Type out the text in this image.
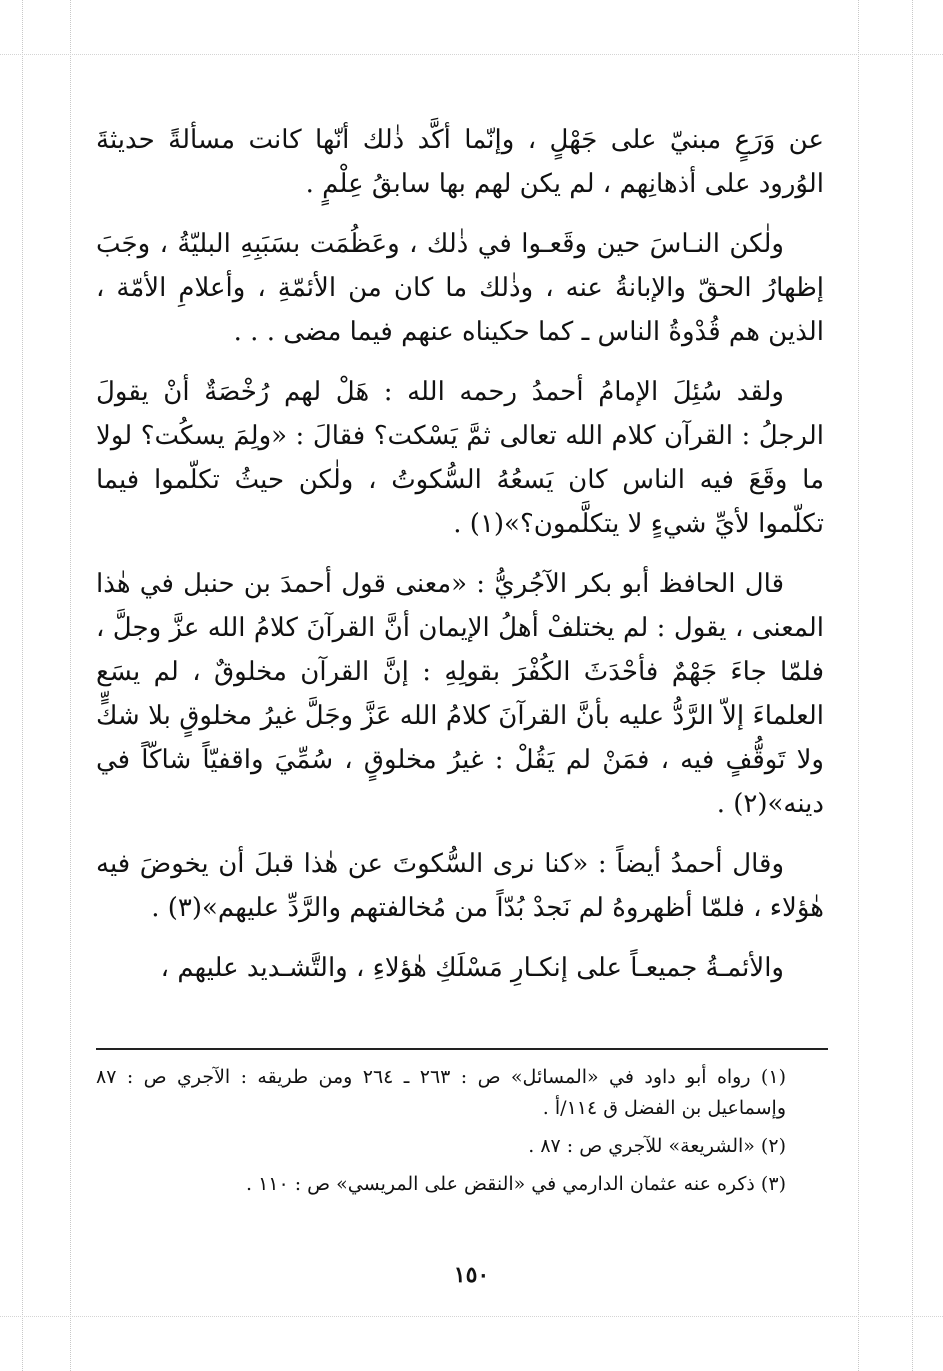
عن وَرَعٍ مبنيّ على جَهْلٍ ، وإنّما أكَّد ذٰلك أنّها كانت مسألةً حديثةَ الوُرود على أذهانِهم ، لم يكن لهم بها سابقُ عِلْمٍ .

ولٰكن النـاسَ حين وقَعـوا في ذٰلك ، وعَظُمَت بسَبَبِهِ البليّةُ ، وجَبَ إظهارُ الحقّ والإبانةُ عنه ، وذٰلك ما كان من الأئمّةِ ، وأعلامِ الأمّة ، الذين هم قُدْوةُ الناس ـ كما حكيناه عنهم فيما مضى . . .

ولقد سُئِلَ الإمامُ أحمدُ رحمه الله : هَلْ لهم رُخْصَةٌ أنْ يقولَ الرجلُ : القرآن كلام الله تعالى ثمَّ يَسْكت؟ فقالَ : «ولِمَ يسكُت؟ لولا ما وقَعَ فيه الناس كان يَسعُهُ السُّكوتُ ، ولٰكن حيثُ تكلّموا فيما تكلّموا لأيِّ شيءٍ لا يتكلَّمون؟»(١) .

قال الحافظ أبو بكر الآجُريُّ : «معنى قول أحمدَ بن حنبل في هٰذا المعنى ، يقول : لم يختلفْ أهلُ الإيمان أنَّ القرآنَ كلامُ الله عزَّ وجلَّ ، فلمّا جاءَ جَهْمٌ فأحْدَثَ الكُفْرَ بقولِهِ : إنَّ القرآن مخلوقٌ ، لم يسَع العلماءَ إلاّ الرَّدُّ عليه بأنَّ القرآنَ كلامُ الله عَزَّ وجَلَّ غيرُ مخلوقٍ بلا شكٍّ ولا تَوقُّفٍ فيه ، فمَنْ لم يَقُلْ : غيرُ مخلوقٍ ، سُمِّيَ واقفيّاً شاكّاً في دينه»(٢) .

وقال أحمدُ أيضاً : «كنا نرى السُّكوتَ عن هٰذا قبلَ أن يخوضَ فيه هٰؤلاء ، فلمّا أظهروهُ لم نَجدْ بُدّاً من مُخالفتهم والرَّدِّ عليهم»(٣) .

والأئمـةُ جميعـاً على إنكـارِ مَسْلَكِ هٰؤلاءِ ، والتَّشـديد عليهم ،

(١) رواه أبو داود في «المسائل» ص : ٢٦٣ ـ ٢٦٤ ومن طريقه : الآجري ص : ٨٧ وإسماعيل بن الفضل ق ١١٤/أ .

(٢) «الشريعة» للآجري ص : ٨٧ .

(٣) ذكره عنه عثمان الدارمي في «النقض على المريسي» ص : ١١٠ .

١٥٠
